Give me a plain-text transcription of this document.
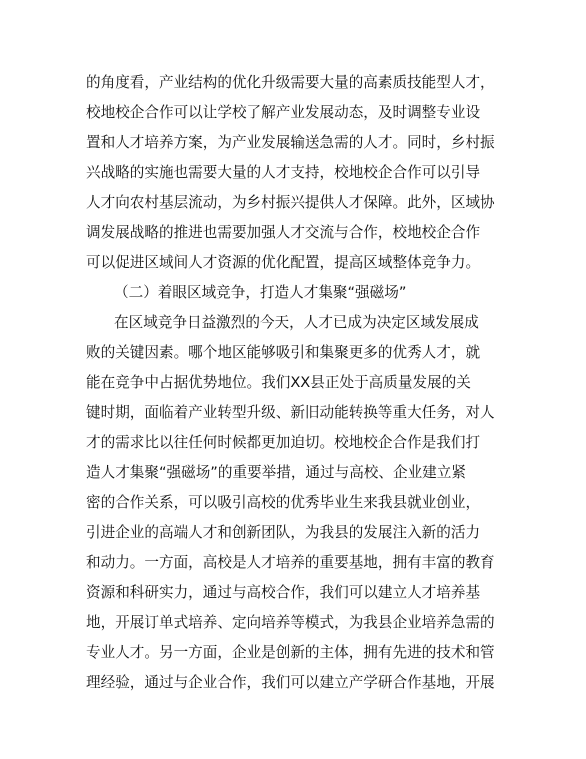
的角度看，产业结构的优化升级需要大量的高素质技能型人才，
校地校企合作可以让学校了解产业发展动态，及时调整专业设
置和人才培养方案，为产业发展输送急需的人才。同时，乡村振
兴战略的实施也需要大量的人才支持，校地校企合作可以引导
人才向农村基层流动，为乡村振兴提供人才保障。此外，区域协
调发展战略的推进也需要加强人才交流与合作，校地校企合作
可以促进区域间人才资源的优化配置，提高区域整体竞争力。
（二）着眼区域竞争，打造人才集聚“强磁场”
在区域竞争日益激烈的今天，人才已成为决定区域发展成
败的关键因素。哪个地区能够吸引和集聚更多的优秀人才，就
能在竞争中占据优势地位。我们XX县正处于高质量发展的关
键时期，面临着产业转型升级、新旧动能转换等重大任务，对人
才的需求比以往任何时候都更加迫切。校地校企合作是我们打
造人才集聚“强磁场”的重要举措，通过与高校、企业建立紧
密的合作关系，可以吸引高校的优秀毕业生来我县就业创业，
引进企业的高端人才和创新团队，为我县的发展注入新的活力
和动力。一方面，高校是人才培养的重要基地，拥有丰富的教育
资源和科研实力，通过与高校合作，我们可以建立人才培养基
地，开展订单式培养、定向培养等模式，为我县企业培养急需的
专业人才。另一方面，企业是创新的主体，拥有先进的技术和管
理经验，通过与企业合作，我们可以建立产学研合作基地，开展
